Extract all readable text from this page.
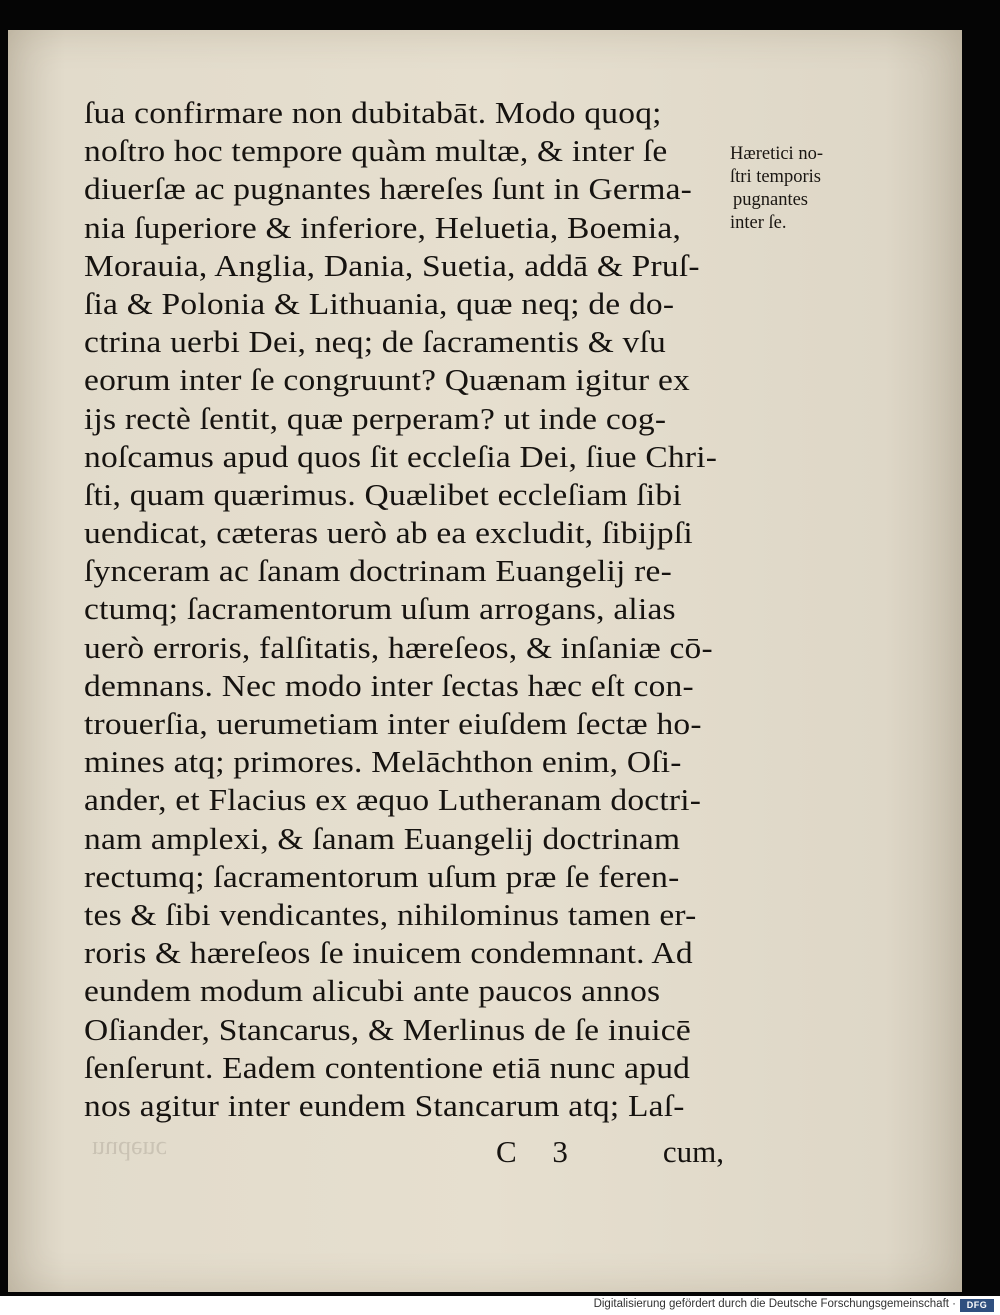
ſua confirmare non dubitabāt. Modo quoq;
noſtro hoc tempore quàm multæ, & inter ſe
diuerſæ ac pugnantes hæreſes ſunt in Germa-
nia ſuperiore & inferiore, Heluetia, Boemia,
Morauia, Anglia, Dania, Suetia, addā & Pruſ-
ſia & Polonia & Lithuania, quæ neq; de do-
ctrina uerbi Dei, neq; de ſacramentis & vſu
eorum inter ſe congruunt? Quænam igitur ex
ijs rectè ſentit, quæ perperam? ut inde cog-
noſcamus apud quos ſit eccleſia Dei, ſiue Chri-
ſti, quam quærimus. Quælibet eccleſiam ſibi
uendicat, cæteras uerò ab ea excludit, ſibijpſi
ſynceram ac ſanam doctrinam Euangelij re-
ctumq; ſacramentorum uſum arrogans, alias
uerò erroris, falſitatis, hæreſeos, & inſaniæ cō-
demnans. Nec modo inter ſectas hæc eſt con-
trouerſia, uerumetiam inter eiuſdem ſectæ ho-
mines atq; primores. Melāchthon enim, Oſi-
ander, et Flacius ex æquo Lutheranam doctri-
nam amplexi, & ſanam Euangelij doctrinam
rectumq; ſacramentorum uſum præ ſe feren-
tes & ſibi vendicantes, nihilominus tamen er-
roris & hæreſeos ſe inuicem condemnant. Ad
eundem modum alicubi ante paucos annos
Oſiander, Stancarus, & Merlinus de ſe inuicē
ſenſerunt. Eadem contentione etiā nunc apud
nos agitur inter eundem Stancarum atq; Laſ-
nudenc	C 3	cum,
Hæretici no-
ſtri temporis
pugnantes
inter ſe.
Digitalisierung gefördert durch die Deutsche Forschungsgemeinschaft ·	DFG
